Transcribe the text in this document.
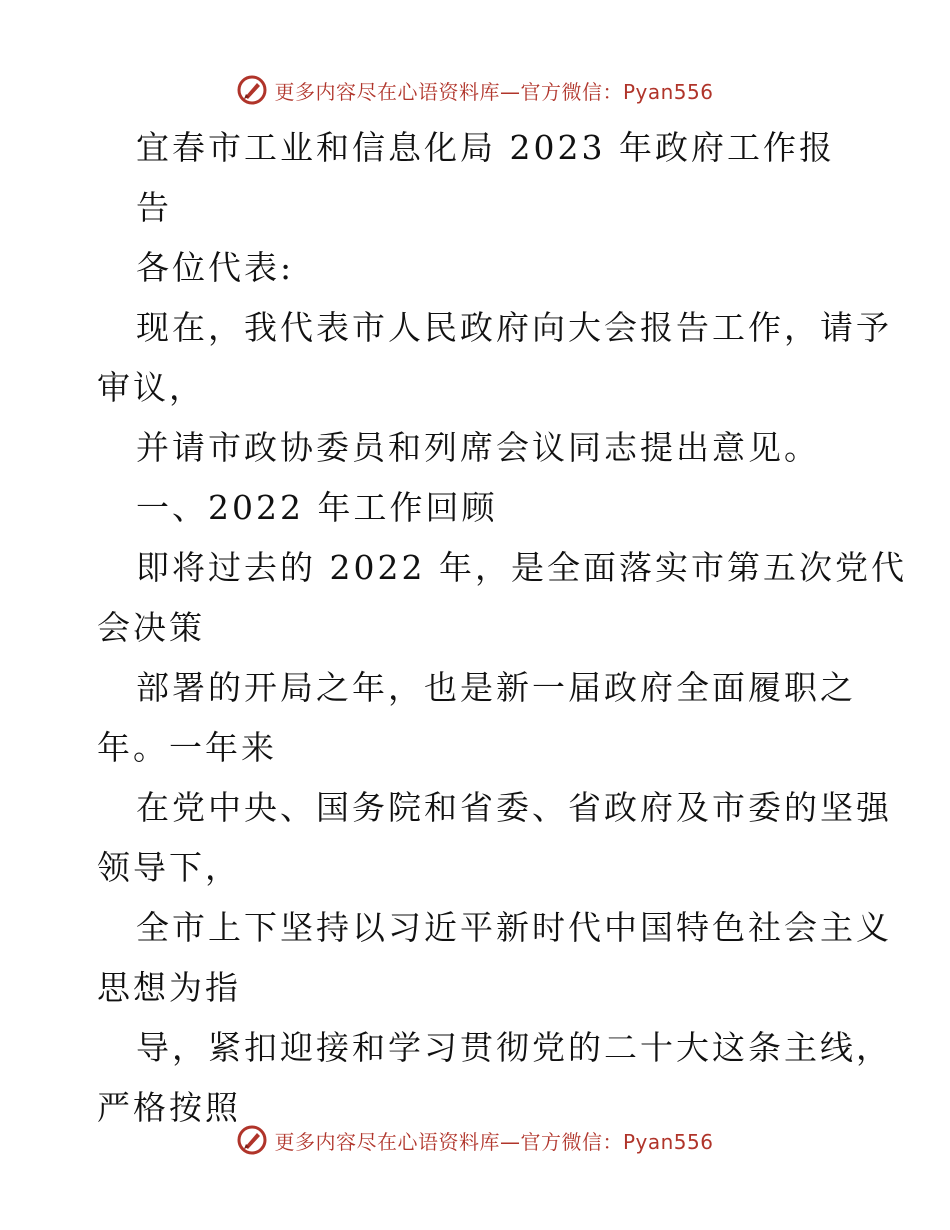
更多内容尽在心语资料库—官方微信：Pyan556

宜春市工业和信息化局 2023 年政府工作报

告

各位代表:

现在，我代表市人民政府向大会报告工作，请予

审议，

并请市政协委员和列席会议同志提出意见。

一、2022 年工作回顾

即将过去的 2022 年，是全面落实市第五次党代

会决策

部署的开局之年，也是新一届政府全面履职之

年。一年来

在党中央、国务院和省委、省政府及市委的坚强

领导下，

全市上下坚持以习近平新时代中国特色社会主义

思想为指

导，紧扣迎接和学习贯彻党的二十大这条主线，

严格按照

更多内容尽在心语资料库—官方微信：Pyan556
